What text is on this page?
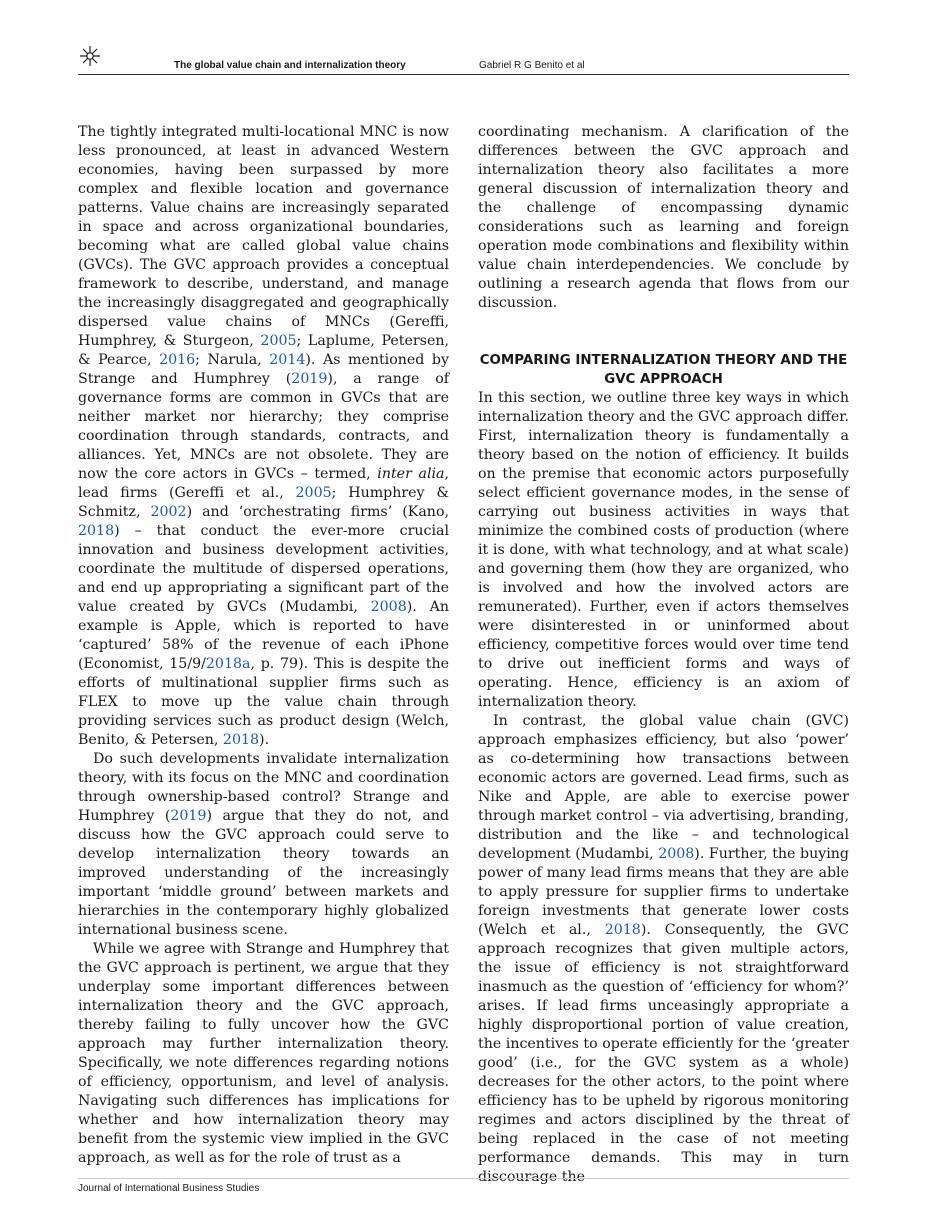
The global value chain and internalization theory	Gabriel R G Benito et al

The tightly integrated multi-locational MNC is now less pronounced, at least in advanced Western economies, having been surpassed by more complex and flexible location and governance patterns. Value chains are increasingly separated in space and across organizational boundaries, becoming what are called global value chains (GVCs). The GVC approach provides a conceptual framework to describe, understand, and manage the increasingly disaggregated and geographically dispersed value chains of MNCs (Gereffi, Humphrey, & Sturgeon, 2005; Laplume, Petersen, & Pearce, 2016; Narula, 2014). As mentioned by Strange and Humphrey (2019), a range of governance forms are common in GVCs that are neither market nor hierarchy; they comprise coordination through standards, contracts, and alliances. Yet, MNCs are not obsolete. They are now the core actors in GVCs – termed, inter alia, lead firms (Gereffi et al., 2005; Humphrey & Schmitz, 2002) and ‘orchestrating firms’ (Kano, 2018) – that conduct the ever-more crucial innovation and business development activities, coordinate the multitude of dispersed operations, and end up appropriating a significant part of the value created by GVCs (Mudambi, 2008). An example is Apple, which is reported to have ‘captured’ 58% of the revenue of each iPhone (Economist, 15/9/2018a, p. 79). This is despite the efforts of multinational supplier firms such as FLEX to move up the value chain through providing services such as product design (Welch, Benito, & Petersen, 2018).

Do such developments invalidate internalization theory, with its focus on the MNC and coordination through ownership-based control? Strange and Humphrey (2019) argue that they do not, and discuss how the GVC approach could serve to develop internalization theory towards an improved understanding of the increasingly important ‘middle ground’ between markets and hierarchies in the contemporary highly globalized international business scene.

While we agree with Strange and Humphrey that the GVC approach is pertinent, we argue that they underplay some important differences between internalization theory and the GVC approach, thereby failing to fully uncover how the GVC approach may further internalization theory. Specifically, we note differences regarding notions of efficiency, opportunism, and level of analysis. Navigating such differences has implications for whether and how internalization theory may benefit from the systemic view implied in the GVC approach, as well as for the role of trust as a

coordinating mechanism. A clarification of the differences between the GVC approach and internalization theory also facilitates a more general discussion of internalization theory and the challenge of encompassing dynamic considerations such as learning and foreign operation mode combinations and flexibility within value chain interdependencies. We conclude by outlining a research agenda that flows from our discussion.

COMPARING INTERNALIZATION THEORY AND THE GVC APPROACH

In this section, we outline three key ways in which internalization theory and the GVC approach differ. First, internalization theory is fundamentally a theory based on the notion of efficiency. It builds on the premise that economic actors purposefully select efficient governance modes, in the sense of carrying out business activities in ways that minimize the combined costs of production (where it is done, with what technology, and at what scale) and governing them (how they are organized, who is involved and how the involved actors are remunerated). Further, even if actors themselves were disinterested in or uninformed about efficiency, competitive forces would over time tend to drive out inefficient forms and ways of operating. Hence, efficiency is an axiom of internalization theory.

In contrast, the global value chain (GVC) approach emphasizes efficiency, but also ‘power’ as co-determining how transactions between economic actors are governed. Lead firms, such as Nike and Apple, are able to exercise power through market control – via advertising, branding, distribution and the like – and technological development (Mudambi, 2008). Further, the buying power of many lead firms means that they are able to apply pressure for supplier firms to undertake foreign investments that generate lower costs (Welch et al., 2018). Consequently, the GVC approach recognizes that given multiple actors, the issue of efficiency is not straightforward inasmuch as the question of ‘efficiency for whom?’ arises. If lead firms unceasingly appropriate a highly disproportional portion of value creation, the incentives to operate efficiently for the ‘greater good’ (i.e., for the GVC system as a whole) decreases for the other actors, to the point where efficiency has to be upheld by rigorous monitoring regimes and actors disciplined by the threat of being replaced in the case of not meeting performance demands. This may in turn discourage the

Journal of International Business Studies
